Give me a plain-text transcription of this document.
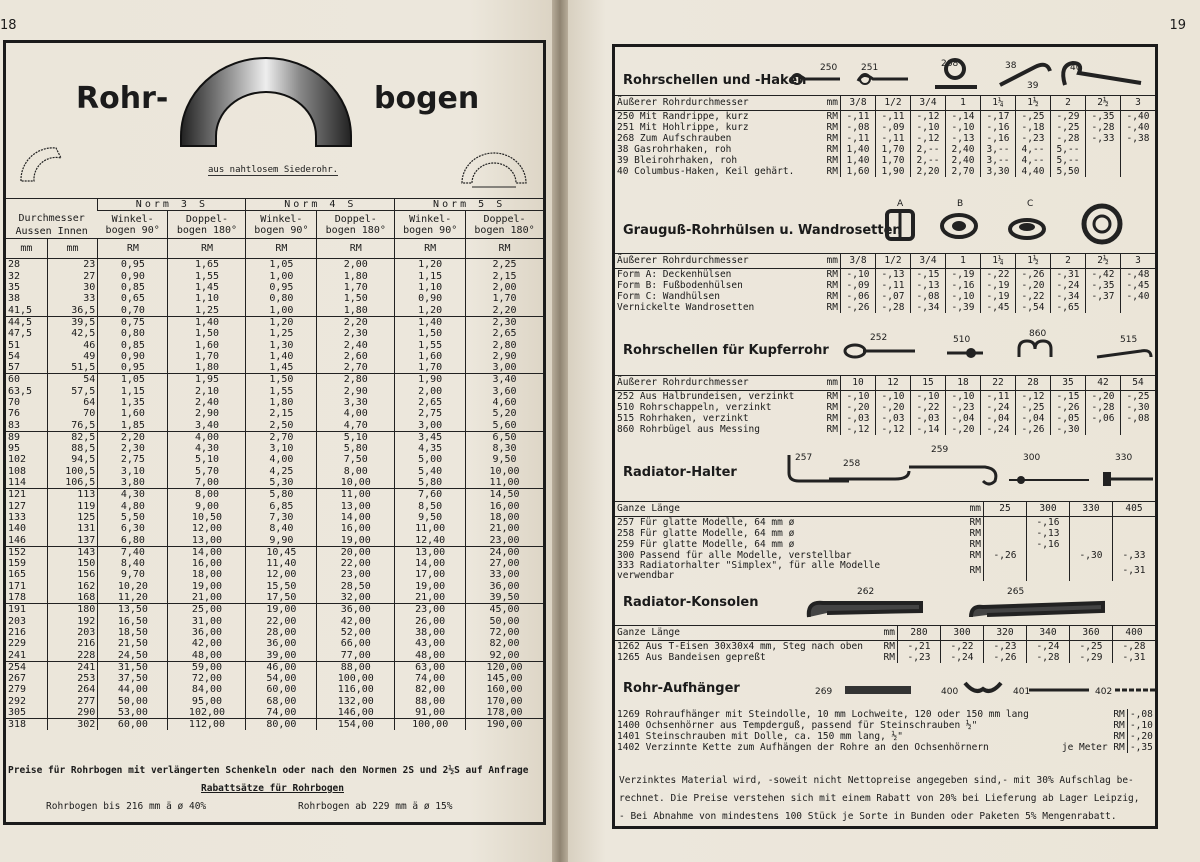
18
Rohr-	bogen
aus nahtlosem Siederohr.
Durchmesser
Aussen Innen		Norm 3 S		Norm 4 S		Norm 5 S	
		Winkel-
bogen 90°	Doppel-
bogen 180°	Winkel-
bogen 90°	Doppel-
bogen 180°	Winkel-
bogen 90°	Doppel-
bogen 180°
mm	mm	RM	RM	RM	RM	RM	RM
28	23	0,95	1,65	1,05	2,00	1,20	2,25
32	27	0,90	1,55	1,00	1,80	1,15	2,15
35	30	0,85	1,45	0,95	1,70	1,10	2,00
38	33	0,65	1,10	0,80	1,50	0,90	1,70
41,5	36,5	0,70	1,25	1,00	1,80	1,20	2,20
44,5	39,5	0,75	1,40	1,20	2,20	1,40	2,30
47,5	42,5	0,80	1,50	1,25	2,30	1,50	2,65
51	46	0,85	1,60	1,30	2,40	1,55	2,80
54	49	0,90	1,70	1,40	2,60	1,60	2,90
57	51,5	0,95	1,80	1,45	2,70	1,70	3,00
60	54	1,05	1,95	1,50	2,80	1,90	3,40
63,5	57,5	1,15	2,10	1,55	2,90	2,00	3,60
70	64	1,35	2,40	1,80	3,30	2,65	4,60
76	70	1,60	2,90	2,15	4,00	2,75	5,20
83	76,5	1,85	3,40	2,50	4,70	3,00	5,60
89	82,5	2,20	4,00	2,70	5,10	3,45	6,50
95	88,5	2,30	4,30	3,10	5,80	4,35	8,30
102	94,5	2,75	5,10	4,00	7,50	5,00	9,50
108	100,5	3,10	5,70	4,25	8,00	5,40	10,00
114	106,5	3,80	7,00	5,30	10,00	5,80	11,00
121	113	4,30	8,00	5,80	11,00	7,60	14,50
127	119	4,80	9,00	6,85	13,00	8,50	16,00
133	125	5,50	10,50	7,30	14,00	9,50	18,00
140	131	6,30	12,00	8,40	16,00	11,00	21,00
146	137	6,80	13,00	9,90	19,00	12,40	23,00
152	143	7,40	14,00	10,45	20,00	13,00	24,00
159	150	8,40	16,00	11,40	22,00	14,00	27,00
165	156	9,70	18,00	12,00	23,00	17,00	33,00
171	162	10,20	19,00	15,50	28,50	19,00	36,00
178	168	11,20	21,00	17,50	32,00	21,00	39,50
191	180	13,50	25,00	19,00	36,00	23,00	45,00
203	192	16,50	31,00	22,00	42,00	26,00	50,00
216	203	18,50	36,00	28,00	52,00	38,00	72,00
229	216	21,50	42,00	36,00	66,00	43,00	82,00
241	228	24,50	48,00	39,00	77,00	48,00	92,00
254	241	31,50	59,00	46,00	88,00	63,00	120,00
267	253	37,50	72,00	54,00	100,00	74,00	145,00
279	264	44,00	84,00	60,00	116,00	82,00	160,00
292	277	50,00	95,00	68,00	132,00	88,00	170,00
305	290	53,00	102,00	74,00	146,00	91,00	178,00
318	302	60,00	112,00	80,00	154,00	100,00	190,00
Preise für Rohrbogen mit verlängerten Schenkeln oder nach den Normen 2S und 2½S auf Anfrage
Rabattsätze für Rohrbogen
Rohrbogen bis 216 mm ä ø 40%	Rohrbogen ab 229 mm ä ø 15%
19
Rohrschellen und -Haken
250	251	268	38
39
40
Äußerer Rohrdurchmesser	mm	3/8	1/2	3/4	1	1¼	1½	2	2½	3
250 Mit Randrippe, kurz	RM	-,11	-,11	-,12	-,14	-,17	-,25	-,29	-,35	-,40
251 Mit Hohlrippe, kurz	RM	-,08	-,09	-,10	-,10	-,16	-,18	-,25	-,28	-,40
268 Zum Aufschrauben	RM	-,11	-,11	-,12	-,13	-,16	-,23	-,28	-,33	-,38
38 Gasrohrhaken, roh	RM	1,40	1,70	2,--	2,40	3,--	4,--	5,--		
39 Bleirohrhaken, roh	RM	1,40	1,70	2,--	2,40	3,--	4,--	5,--		
40 Columbus-Haken, Keil gehärt.	RM	1,60	1,90	2,20	2,70	3,30	4,40	5,50		
Grauguß-Rohrhülsen u. Wandrosetten
A	B	C
Äußerer Rohrdurchmesser	mm	3/8	1/2	3/4	1	1¼	1½	2	2½	3
Form A: Deckenhülsen	RM	-,10	-,13	-,15	-,19	-,22	-,26	-,31	-,42	-,48
Form B: Fußbodenhülsen	RM	-,09	-,11	-,13	-,16	-,19	-,20	-,24	-,35	-,45
Form C: Wandhülsen	RM	-,06	-,07	-,08	-,10	-,19	-,22	-,34	-,37	-,40
Vernickelte Wandrosetten	RM	-,26	-,28	-,34	-,39	-,45	-,54	-,65		
Rohrschellen für Kupferrohr
252	510
860
515
Äußerer Rohrdurchmesser	mm	10	12	15	18	22	28	35	42	54
252 Aus Halbrundeisen, verzinkt	RM	-,10	-,10	-,10	-,10	-,11	-,12	-,15	-,20	-,25
510 Rohrschappeln, verzinkt	RM	-,20	-,20	-,22	-,23	-,24	-,25	-,26	-,28	-,30
515 Rohrhaken, verzinkt	RM	-,03	-,03	-,03	-,04	-,04	-,04	-,05	-,06	-,08
860 Rohrbügel aus Messing	RM	-,12	-,12	-,14	-,20	-,24	-,26	-,30		
Radiator-Halter
257
258
259
300	330
Ganze Länge	mm	25	300	330	405
257 Für glatte Modelle, 64 mm ø	RM		-,16		
258 Für glatte Modelle, 64 mm ø	RM		-,13		
259 Für glatte Modelle, 64 mm ø	RM		-,16		
300 Passend für alle Modelle, verstellbar	RM	-,26		-,30	-,33
333 Radiatorhalter "Simplex", für alle Modelle verwendbar	RM				-,31
Radiator-Konsolen
262	265
Ganze Länge	mm	280	300	320	340	360	400
1262 Aus T-Eisen 30x30x4 mm, Steg nach oben	RM	-,21	-,22	-,23	-,24	-,25	-,28
1265 Aus Bandeisen gepreßt	RM	-,23	-,24	-,26	-,28	-,29	-,31
Rohr-Aufhänger	269	400	401	402
1269 Rohraufhänger mit Steindolle, 10 mm Lochweite, 120 oder 150 mm lang	RM	-,08
1400 Ochsenhörner aus Tempderguß, passend für Steinschrauben ½"	RM	-,10
1401 Steinschrauben mit Dolle, ca. 150 mm lang, ½"	RM	-,20
1402 Verzinnte Kette zum Aufhängen der Rohre an den Ochsenhörnern	je Meter RM	-,35
Verzinktes Material wird, -soweit nicht Nettopreise angegeben sind,- mit 30% Aufschlag be-
rechnet. Die Preise verstehen sich mit einem Rabatt von 20% bei Lieferung ab Lager Leipzig,
- Bei Abnahme von mindestens 100 Stück je Sorte in Bunden oder Paketen 5% Mengenrabatt.
